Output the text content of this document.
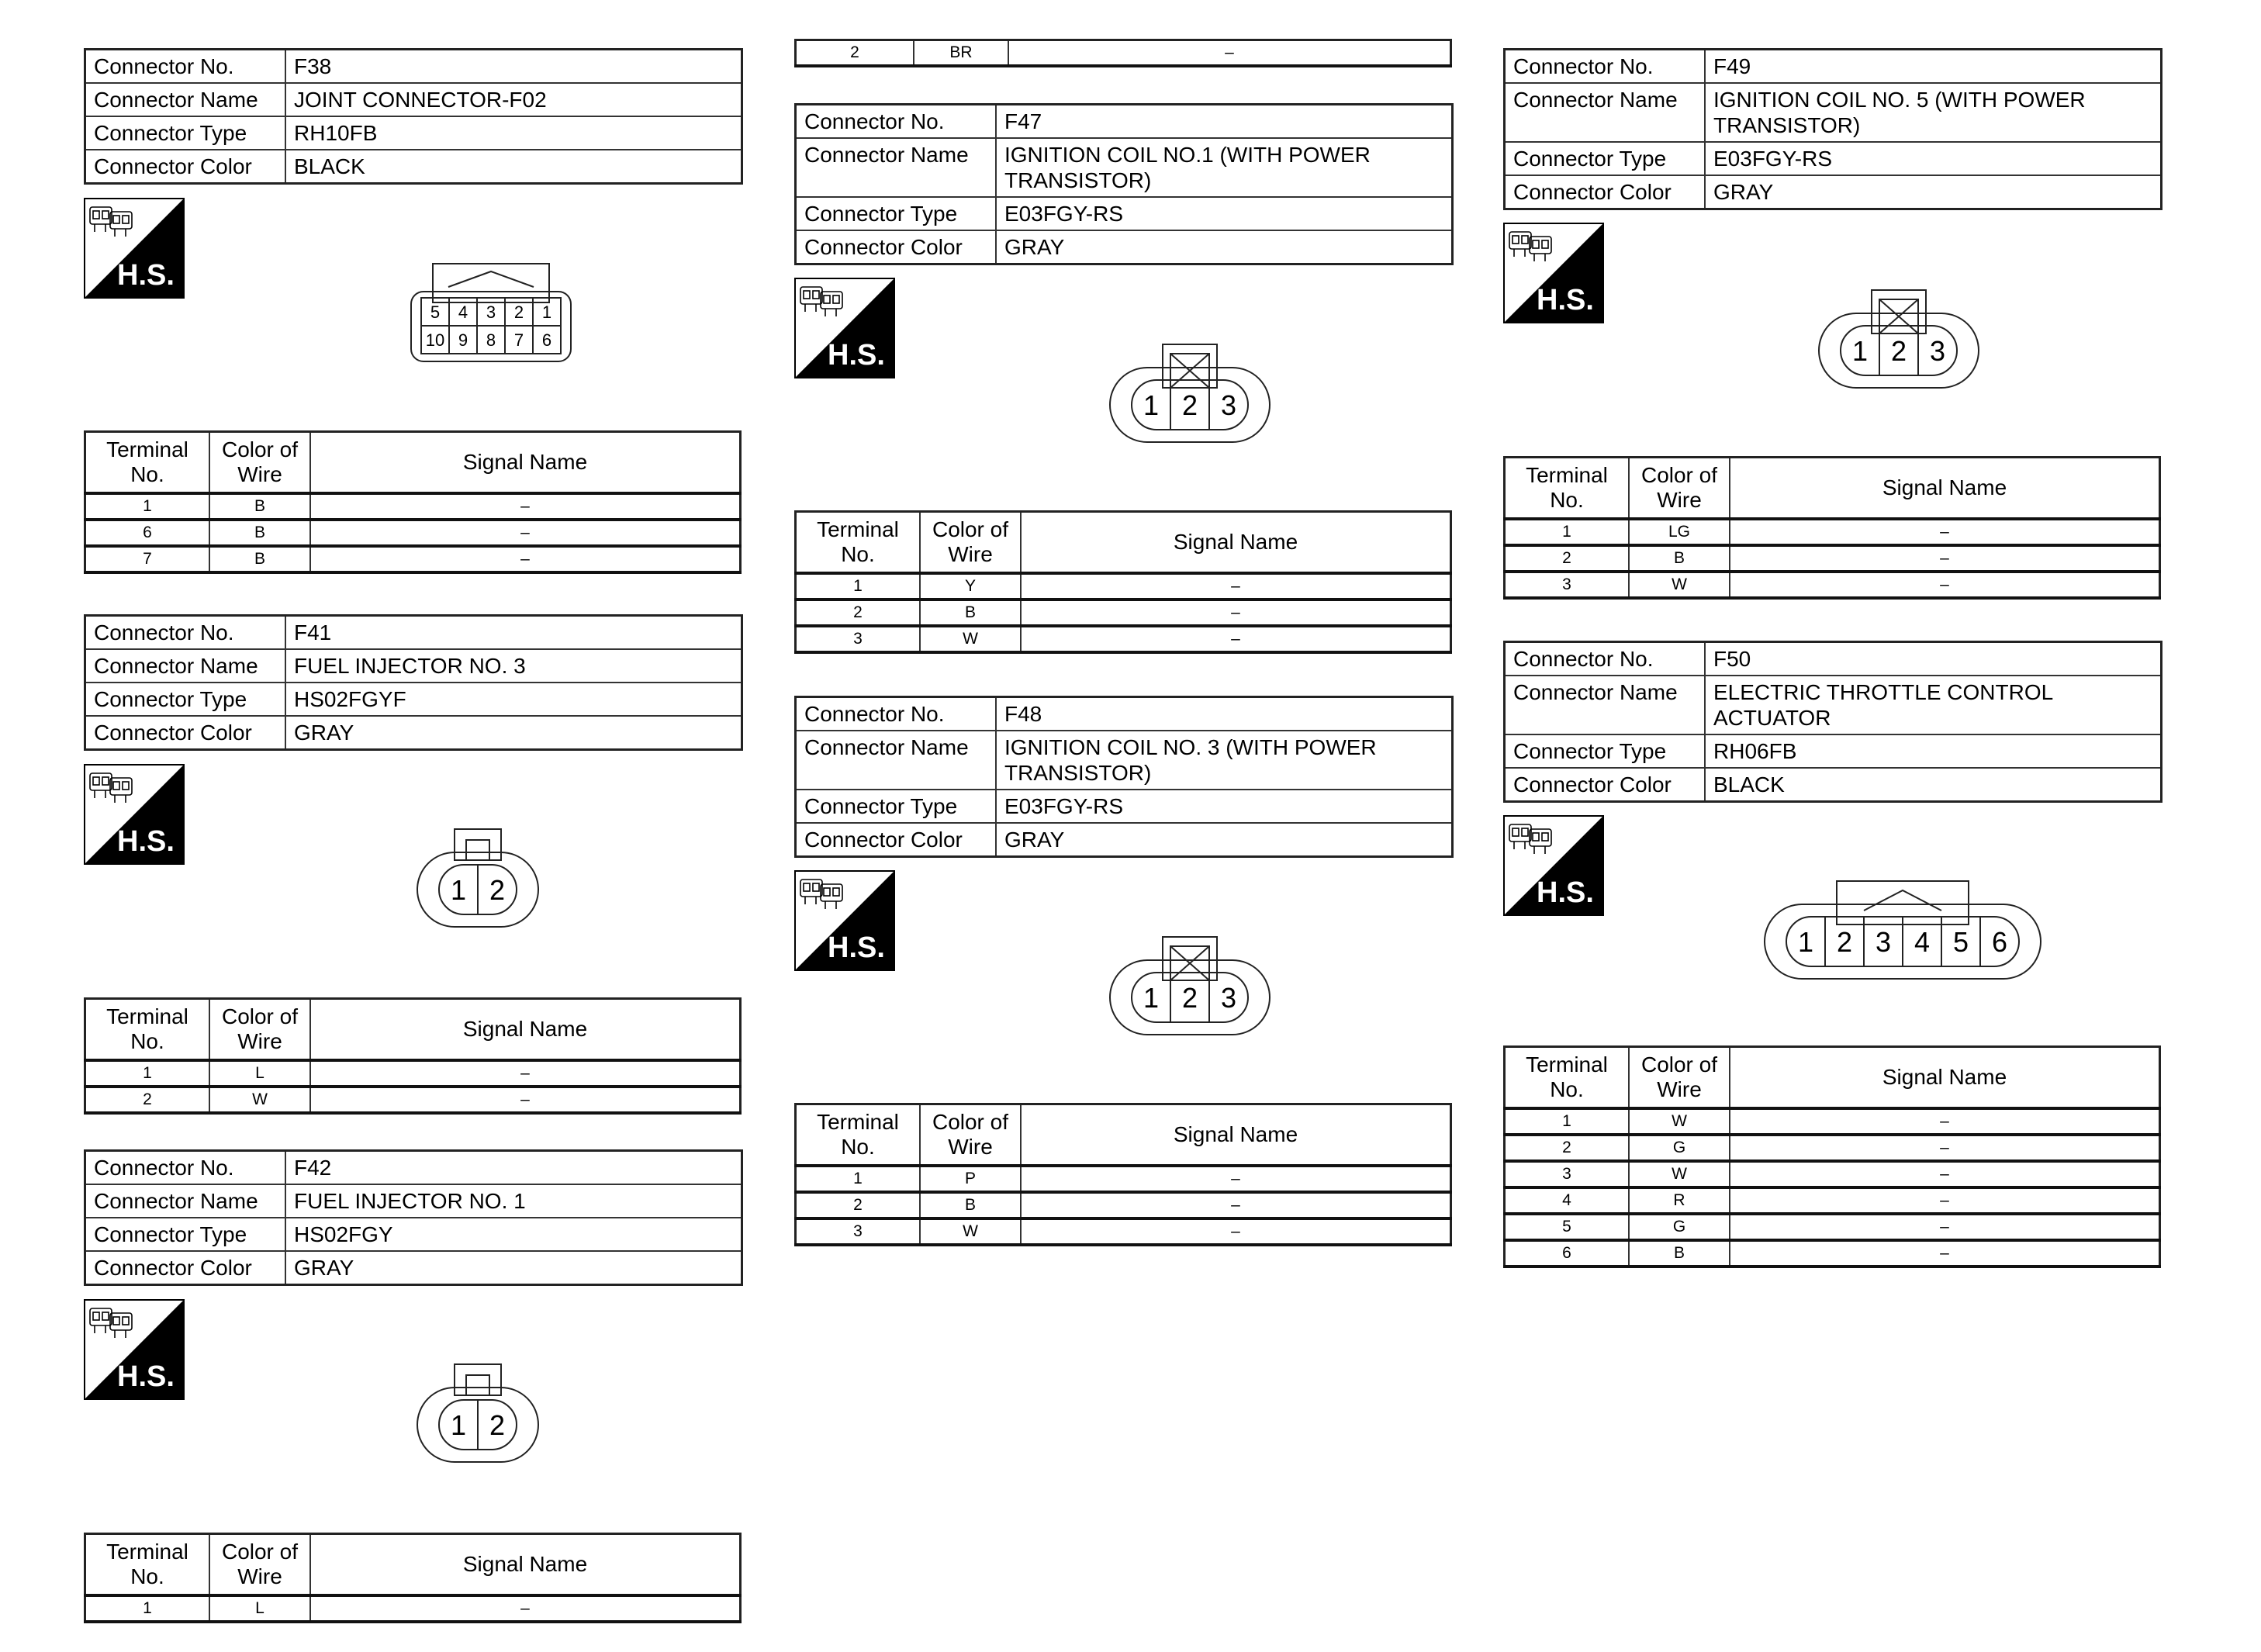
Connector No.	F38
Connector Name	JOINT CONNECTOR-F02
Connector Type	RH10FB
Connector Color	BLACK
H.S.
5 4 3 2 1
10 9 8 7 6
Terminal No.	Color of Wire	Signal Name
1	B	–
6	B	–
7	B	–
Connector No.	F41
Connector Name	FUEL INJECTOR NO. 3
Connector Type	HS02FGYF
Connector Color	GRAY
H.S.
1 2
Terminal No.	Color of Wire	Signal Name
1	L	–
2	W	–
Connector No.	F42
Connector Name	FUEL INJECTOR NO. 1
Connector Type	HS02FGY
Connector Color	GRAY
H.S.
1 2
Terminal No.	Color of Wire	Signal Name
1	L	–
2	BR	–
Connector No.	F47
Connector Name	IGNITION COIL NO.1 (WITH POWER TRANSISTOR)
Connector Type	E03FGY-RS
Connector Color	GRAY
H.S.
1 2 3
Terminal No.	Color of Wire	Signal Name
1	Y	–
2	B	–
3	W	–
Connector No.	F48
Connector Name	IGNITION COIL NO. 3 (WITH POWER TRANSISTOR)
Connector Type	E03FGY-RS
Connector Color	GRAY
H.S.
1 2 3
Terminal No.	Color of Wire	Signal Name
1	P	–
2	B	–
3	W	–
Connector No.	F49
Connector Name	IGNITION COIL NO. 5 (WITH POWER TRANSISTOR)
Connector Type	E03FGY-RS
Connector Color	GRAY
H.S.
1 2 3
Terminal No.	Color of Wire	Signal Name
1	LG	–
2	B	–
3	W	–
Connector No.	F50
Connector Name	ELECTRIC THROTTLE CONTROL ACTUATOR
Connector Type	RH06FB
Connector Color	BLACK
H.S.
1 2 3 4 5 6
Terminal No.	Color of Wire	Signal Name
1	W	–
2	G	–
3	W	–
4	R	–
5	G	–
6	B	–
